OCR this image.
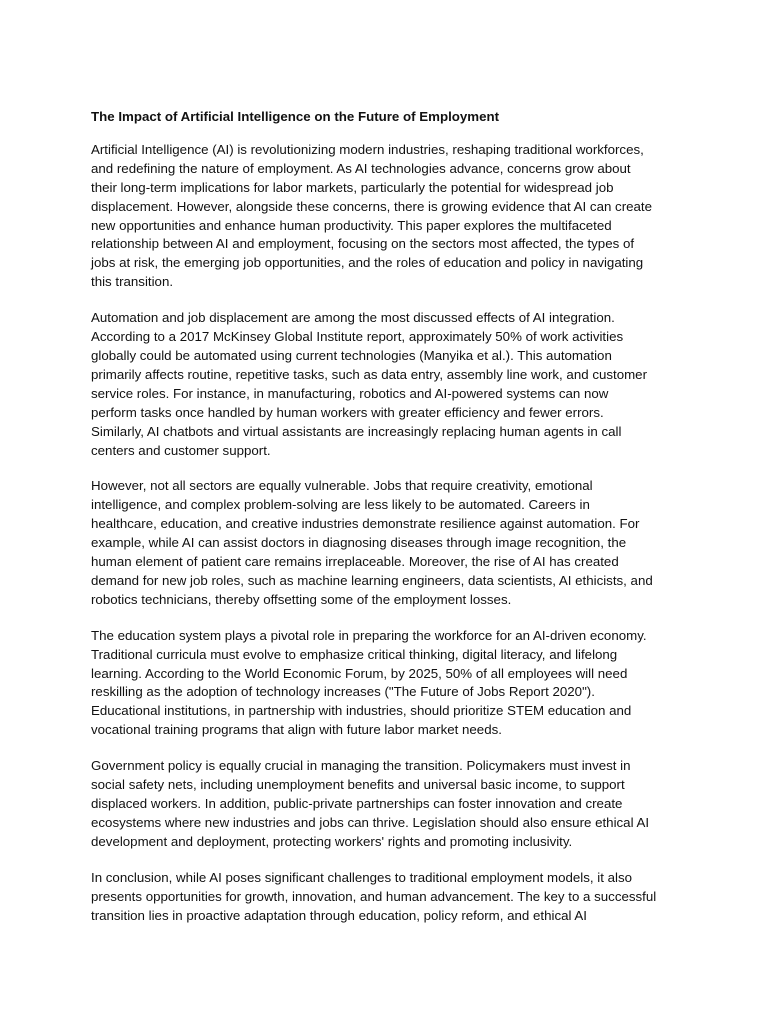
The Impact of Artificial Intelligence on the Future of Employment

Artificial Intelligence (AI) is revolutionizing modern industries, reshaping traditional workforces,
and redefining the nature of employment. As AI technologies advance, concerns grow about
their long-term implications for labor markets, particularly the potential for widespread job
displacement. However, alongside these concerns, there is growing evidence that AI can create
new opportunities and enhance human productivity. This paper explores the multifaceted
relationship between AI and employment, focusing on the sectors most affected, the types of
jobs at risk, the emerging job opportunities, and the roles of education and policy in navigating
this transition.

Automation and job displacement are among the most discussed effects of AI integration.
According to a 2017 McKinsey Global Institute report, approximately 50% of work activities
globally could be automated using current technologies (Manyika et al.). This automation
primarily affects routine, repetitive tasks, such as data entry, assembly line work, and customer
service roles. For instance, in manufacturing, robotics and AI-powered systems can now
perform tasks once handled by human workers with greater efficiency and fewer errors.
Similarly, AI chatbots and virtual assistants are increasingly replacing human agents in call
centers and customer support.

However, not all sectors are equally vulnerable. Jobs that require creativity, emotional
intelligence, and complex problem-solving are less likely to be automated. Careers in
healthcare, education, and creative industries demonstrate resilience against automation. For
example, while AI can assist doctors in diagnosing diseases through image recognition, the
human element of patient care remains irreplaceable. Moreover, the rise of AI has created
demand for new job roles, such as machine learning engineers, data scientists, AI ethicists, and
robotics technicians, thereby offsetting some of the employment losses.

The education system plays a pivotal role in preparing the workforce for an AI-driven economy.
Traditional curricula must evolve to emphasize critical thinking, digital literacy, and lifelong
learning. According to the World Economic Forum, by 2025, 50% of all employees will need
reskilling as the adoption of technology increases ("The Future of Jobs Report 2020").
Educational institutions, in partnership with industries, should prioritize STEM education and
vocational training programs that align with future labor market needs.

Government policy is equally crucial in managing the transition. Policymakers must invest in
social safety nets, including unemployment benefits and universal basic income, to support
displaced workers. In addition, public-private partnerships can foster innovation and create
ecosystems where new industries and jobs can thrive. Legislation should also ensure ethical AI
development and deployment, protecting workers' rights and promoting inclusivity.

In conclusion, while AI poses significant challenges to traditional employment models, it also
presents opportunities for growth, innovation, and human advancement. The key to a successful
transition lies in proactive adaptation through education, policy reform, and ethical AI
